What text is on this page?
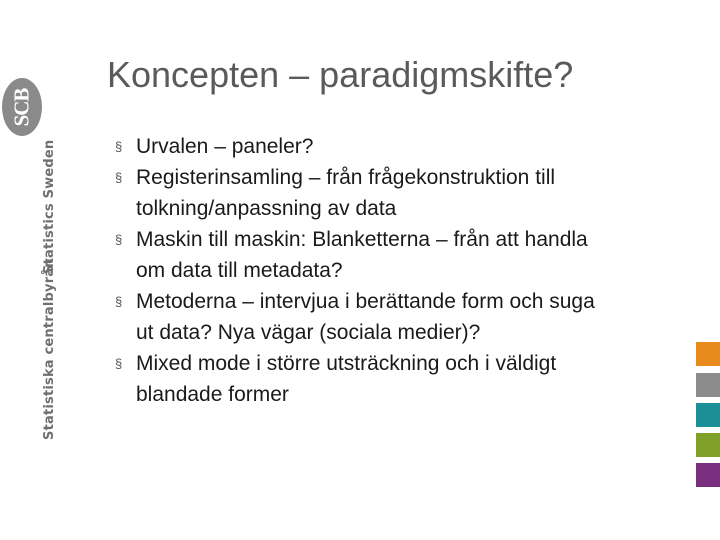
SCB
Statistics Sweden
Statistiska centralbyrån
Koncepten – paradigmskifte?
§ Urvalen – paneler?
§ Registerinsamling – från frågekonstruktion till
tolkning/anpassning av data
§ Maskin till maskin: Blanketterna – från att handla
om data till metadata?
§ Metoderna – intervjua i berättande form och suga
ut data? Nya vägar (sociala medier)?
§ Mixed mode i större utsträckning och i väldigt
blandade former
